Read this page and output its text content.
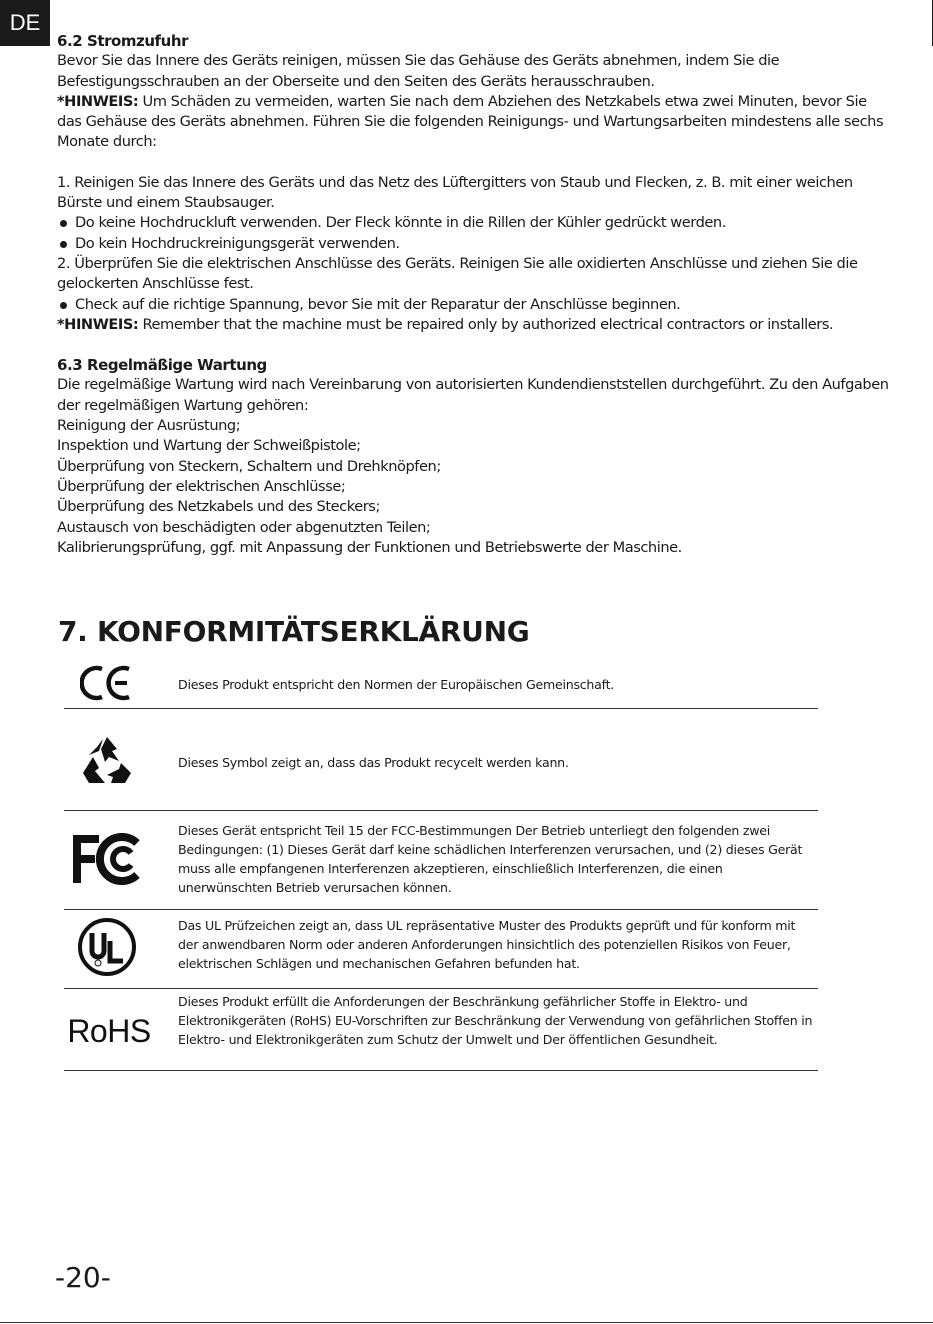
DE

6.2 Stromzufuhr

Bevor Sie das Innere des Geräts reinigen, müssen Sie das Gehäuse des Geräts abnehmen, indem Sie die Befestigungsschrauben an der Oberseite und den Seiten des Geräts herausschrauben.

*HINWEIS: Um Schäden zu vermeiden, warten Sie nach dem Abziehen des Netzkabels etwa zwei Minuten, bevor Sie das Gehäuse des Geräts abnehmen. Führen Sie die folgenden Reinigungs- und Wartungsarbeiten mindestens alle sechs Monate durch:

1. Reinigen Sie das Innere des Geräts und das Netz des Lüftergitters von Staub und Flecken, z. B. mit einer weichen Bürste und einem Staubsauger.

Do keine Hochdruckluft verwenden. Der Fleck könnte in die Rillen der Kühler gedrückt werden.

Do kein Hochdruckreinigungsgerät verwenden.

2. Überprüfen Sie die elektrischen Anschlüsse des Geräts. Reinigen Sie alle oxidierten Anschlüsse und ziehen Sie die gelockerten Anschlüsse fest.

Check auf die richtige Spannung, bevor Sie mit der Reparatur der Anschlüsse beginnen.

*HINWEIS: Remember that the machine must be repaired only by authorized electrical contractors or installers.

6.3 Regelmäßige Wartung

Die regelmäßige Wartung wird nach Vereinbarung von autorisierten Kundendienststellen durchgeführt. Zu den Aufgaben der regelmäßigen Wartung gehören:

Reinigung der Ausrüstung;

Inspektion und Wartung der Schweißpistole;

Überprüfung von Steckern, Schaltern und Drehknöpfen;

Überprüfung der elektrischen Anschlüsse;

Überprüfung des Netzkabels und des Steckers;

Austausch von beschädigten oder abgenutzten Teilen;

Kalibrierungsprüfung, ggf. mit Anpassung der Funktionen und Betriebswerte der Maschine.

7. KONFORMITÄTSERKLÄRUNG
Dieses Produkt entspricht den Normen der Europäischen Gemeinschaft.
Dieses Symbol zeigt an, dass das Produkt recycelt werden kann.
Dieses Gerät entspricht Teil 15 der FCC-Bestimmungen Der Betrieb unterliegt den folgenden zwei Bedingungen: (1) Dieses Gerät darf keine schädlichen Interferenzen verursachen, und (2) dieses Gerät muss alle empfangenen Interferenzen akzeptieren, einschließlich Interferenzen, die einen unerwünschten Betrieb verursachen können.
Das UL Prüfzeichen zeigt an, dass UL repräsentative Muster des Produkts geprüft und für konform mit der anwendbaren Norm oder anderen Anforderungen hinsichtlich des potenziellen Risikos von Feuer, elektrischen Schlägen und mechanischen Gefahren befunden hat.
RoHS
Dieses Produkt erfüllt die Anforderungen der Beschränkung gefährlicher Stoffe in Elektro- und Elektronikgeräten (RoHS) EU-Vorschriften zur Beschränkung der Verwendung von gefährlichen Stoffen in Elektro- und Elektronikgeräten zum Schutz der Umwelt und Der öffentlichen Gesundheit.
-20-
